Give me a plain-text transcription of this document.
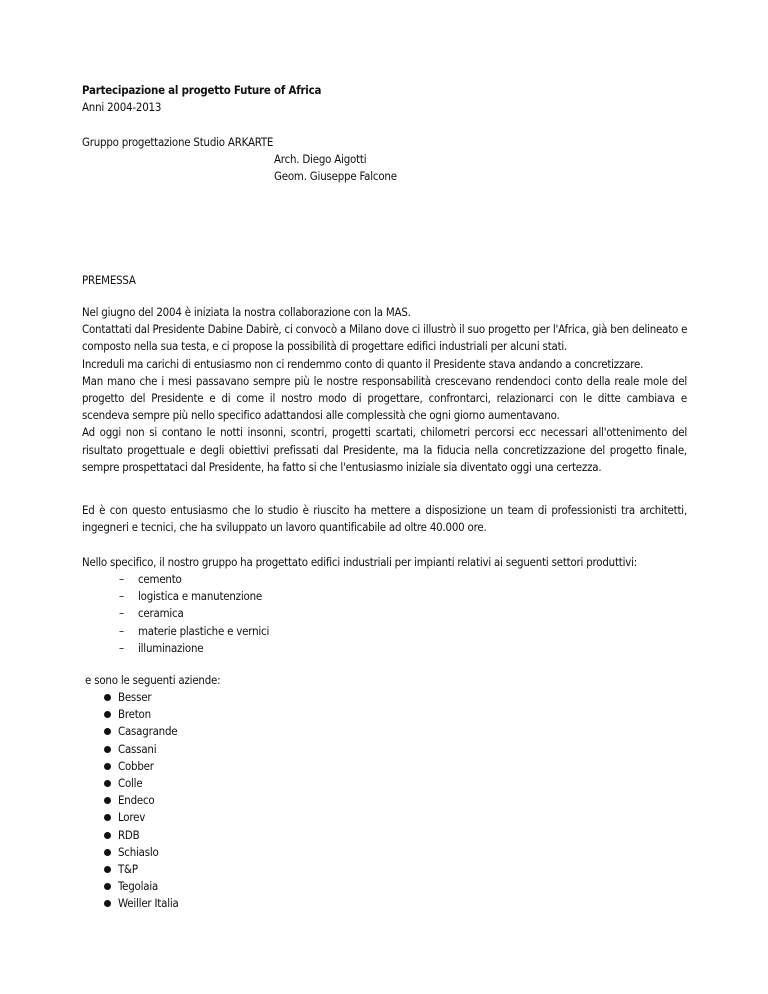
Partecipazione al progetto Future of Africa
Anni 2004-2013
Gruppo progettazione Studio ARKARTE
Arch. Diego Aigotti
Geom. Giuseppe Falcone
PREMESSA
Nel giugno del 2004 è iniziata la nostra collaborazione con la MAS.
Contattati dal Presidente Dabine Dabirè, ci convocò a Milano dove ci illustrò il suo progetto per l'Africa, già ben delineato e
composto nella sua testa, e ci propose la possibilità di progettare edifici industriali per alcuni stati.
Increduli ma carichi di entusiasmo non ci rendemmo conto di quanto il Presidente stava andando a concretizzare.
Man mano che i mesi passavano sempre più le nostre responsabilità crescevano rendendoci conto della reale mole del
progetto del Presidente e di come il nostro modo di progettare, confrontarci, relazionarci con le ditte cambiava e
scendeva sempre più nello specifico adattandosi alle complessità che ogni giorno aumentavano.
Ad oggi non si contano le notti insonni, scontri, progetti scartati, chilometri percorsi ecc necessari all'ottenimento del
risultato progettuale e degli obiettivi prefissati dal Presidente, ma la fiducia nella concretizzazione del progetto finale,
sempre prospettataci dal Presidente, ha fatto si che l'entusiasmo iniziale sia diventato oggi una certezza.
Ed è con questo entusiasmo che lo studio è riuscito ha mettere a disposizione un team di professionisti tra architetti,
ingegneri e tecnici, che ha sviluppato un lavoro quantificabile ad oltre 40.000 ore.
Nello specifico, il nostro gruppo ha progettato edifici industriali per impianti relativi ai seguenti settori produttivi:
– cemento
– logistica e manutenzione
– ceramica
– materie plastiche e vernici
– illuminazione
e sono le seguenti aziende:
Besser
Breton
Casagrande
Cassani
Cobber
Colle
Endeco
Lorev
RDB
Schiaslo
T&P
Tegolaia
Weiller Italia
